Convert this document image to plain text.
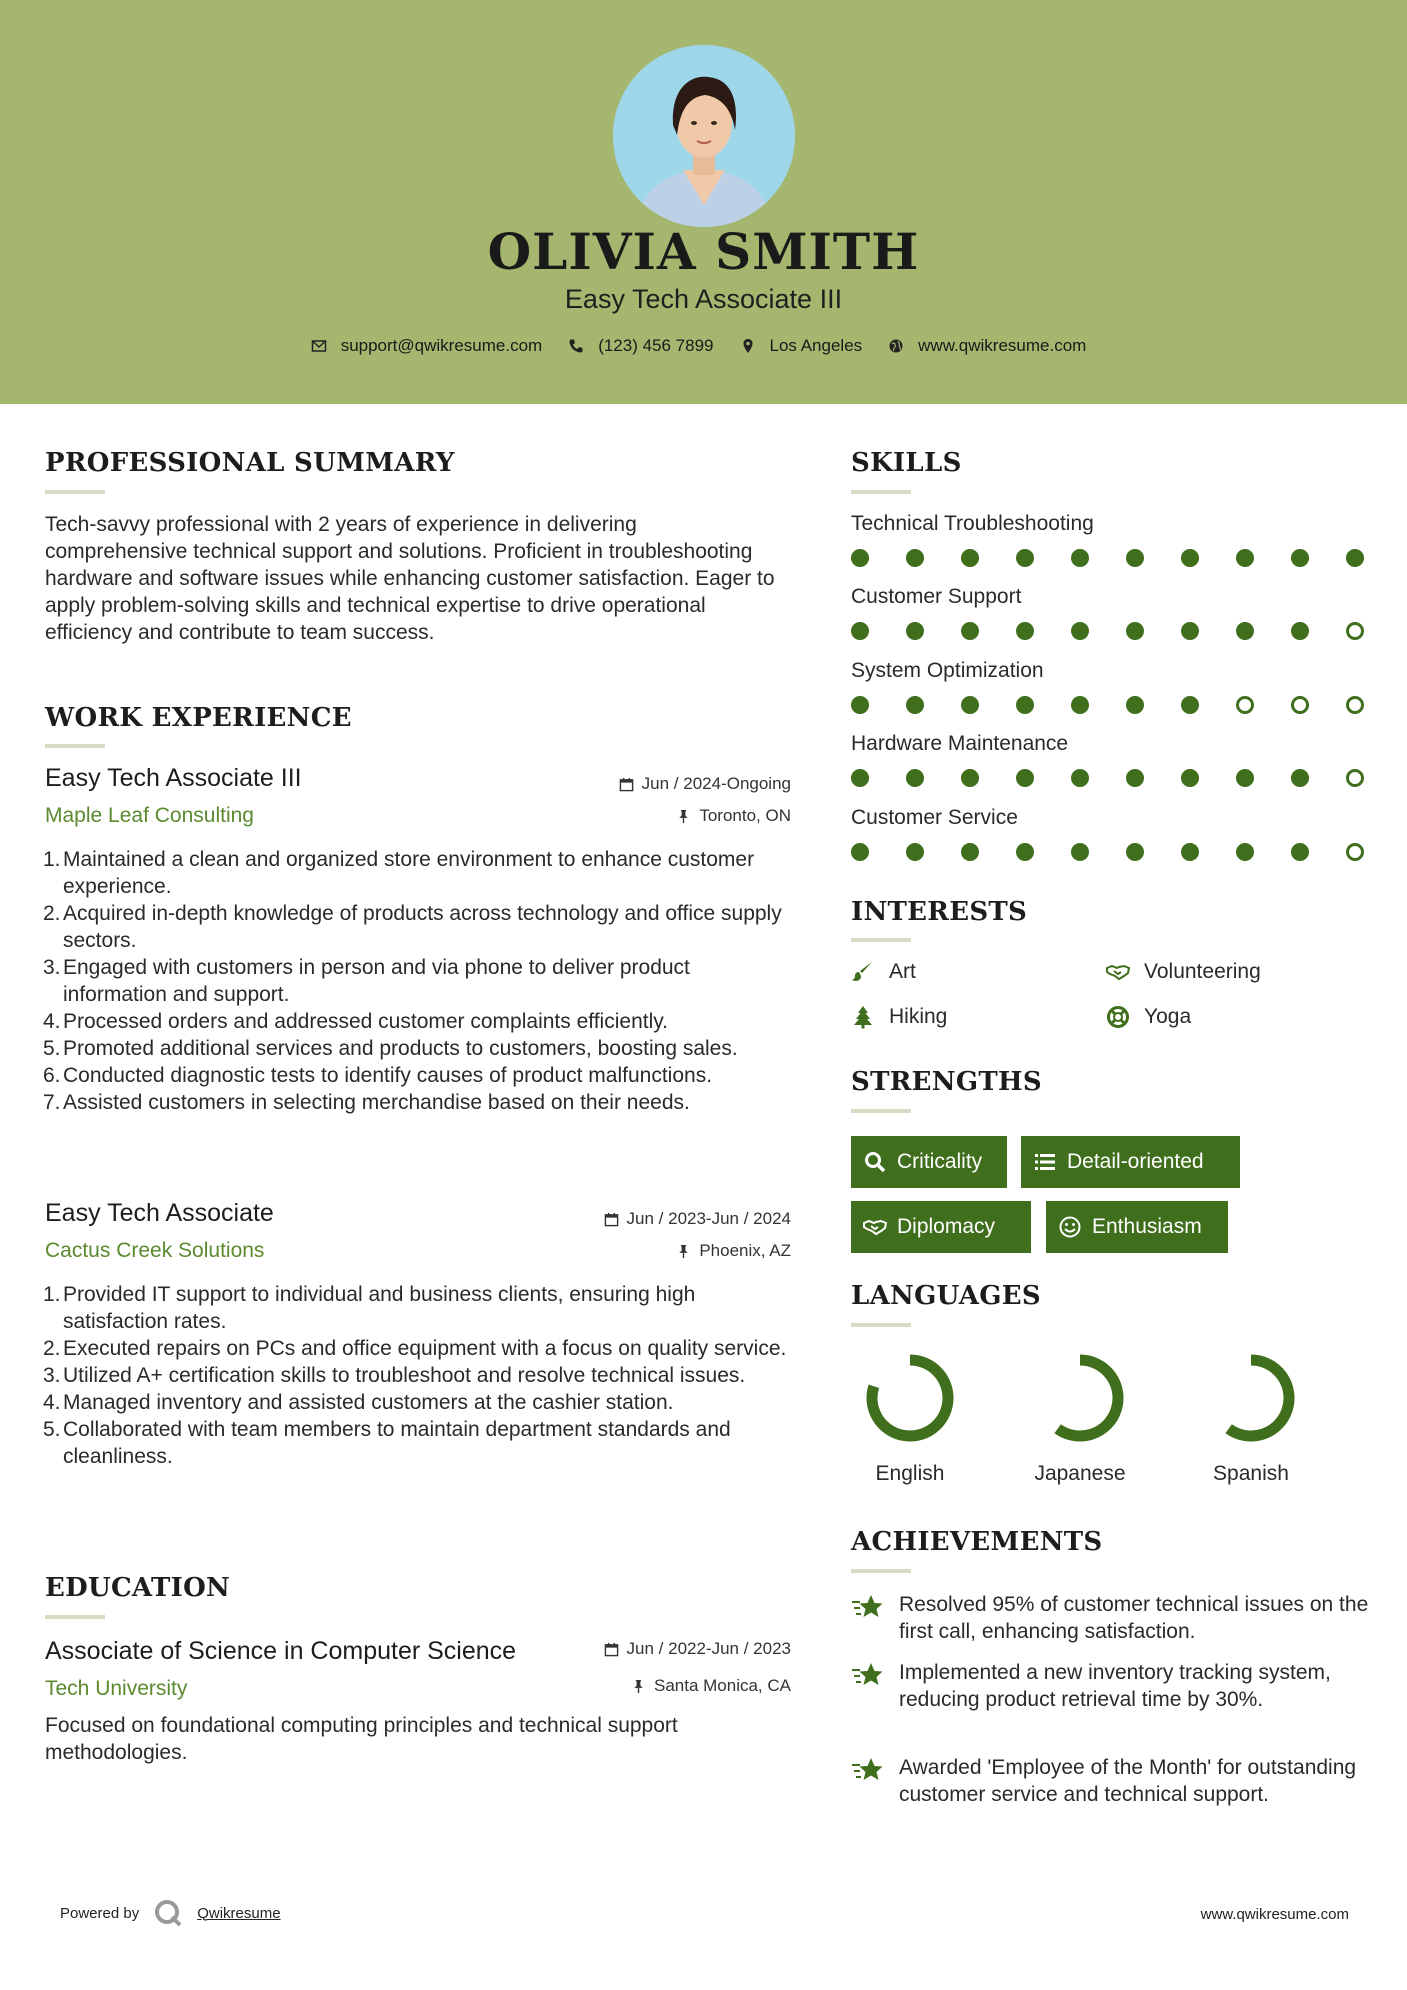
OLIVIA SMITH
Easy Tech Associate III
support@qwikresume.com	(123) 456 7899	Los Angeles	www.qwikresume.com
PROFESSIONAL SUMMARY
Tech-savvy professional with 2 years of experience in delivering comprehensive technical support and solutions. Proficient in troubleshooting hardware and software issues while enhancing customer satisfaction. Eager to apply problem-solving skills and technical expertise to drive operational efficiency and contribute to team success.
WORK EXPERIENCE
Easy Tech Associate III	Jun / 2024-Ongoing
Maple Leaf Consulting	Toronto, ON
1. Maintained a clean and organized store environment to enhance customer experience.
2. Acquired in-depth knowledge of products across technology and office supply sectors.
3. Engaged with customers in person and via phone to deliver product information and support.
4. Processed orders and addressed customer complaints efficiently.
5. Promoted additional services and products to customers, boosting sales.
6. Conducted diagnostic tests to identify causes of product malfunctions.
7. Assisted customers in selecting merchandise based on their needs.
Easy Tech Associate	Jun / 2023-Jun / 2024
Cactus Creek Solutions	Phoenix, AZ
1. Provided IT support to individual and business clients, ensuring high satisfaction rates.
2. Executed repairs on PCs and office equipment with a focus on quality service.
3. Utilized A+ certification skills to troubleshoot and resolve technical issues.
4. Managed inventory and assisted customers at the cashier station.
5. Collaborated with team members to maintain department standards and cleanliness.
EDUCATION
Associate of Science in Computer Science	Jun / 2022-Jun / 2023
Tech University	Santa Monica, CA
Focused on foundational computing principles and technical support methodologies.
SKILLS
Technical Troubleshooting
Customer Support
System Optimization
Hardware Maintenance
Customer Service
INTERESTS
Art	Volunteering
Hiking	Yoga
STRENGTHS
Criticality	Detail-oriented
Diplomacy	Enthusiasm
LANGUAGES
English	Japanese	Spanish
ACHIEVEMENTS
Resolved 95% of customer technical issues on the first call, enhancing satisfaction.
Implemented a new inventory tracking system, reducing product retrieval time by 30%.
Awarded 'Employee of the Month' for outstanding customer service and technical support.
Powered by	Qwikresume	www.qwikresume.com
